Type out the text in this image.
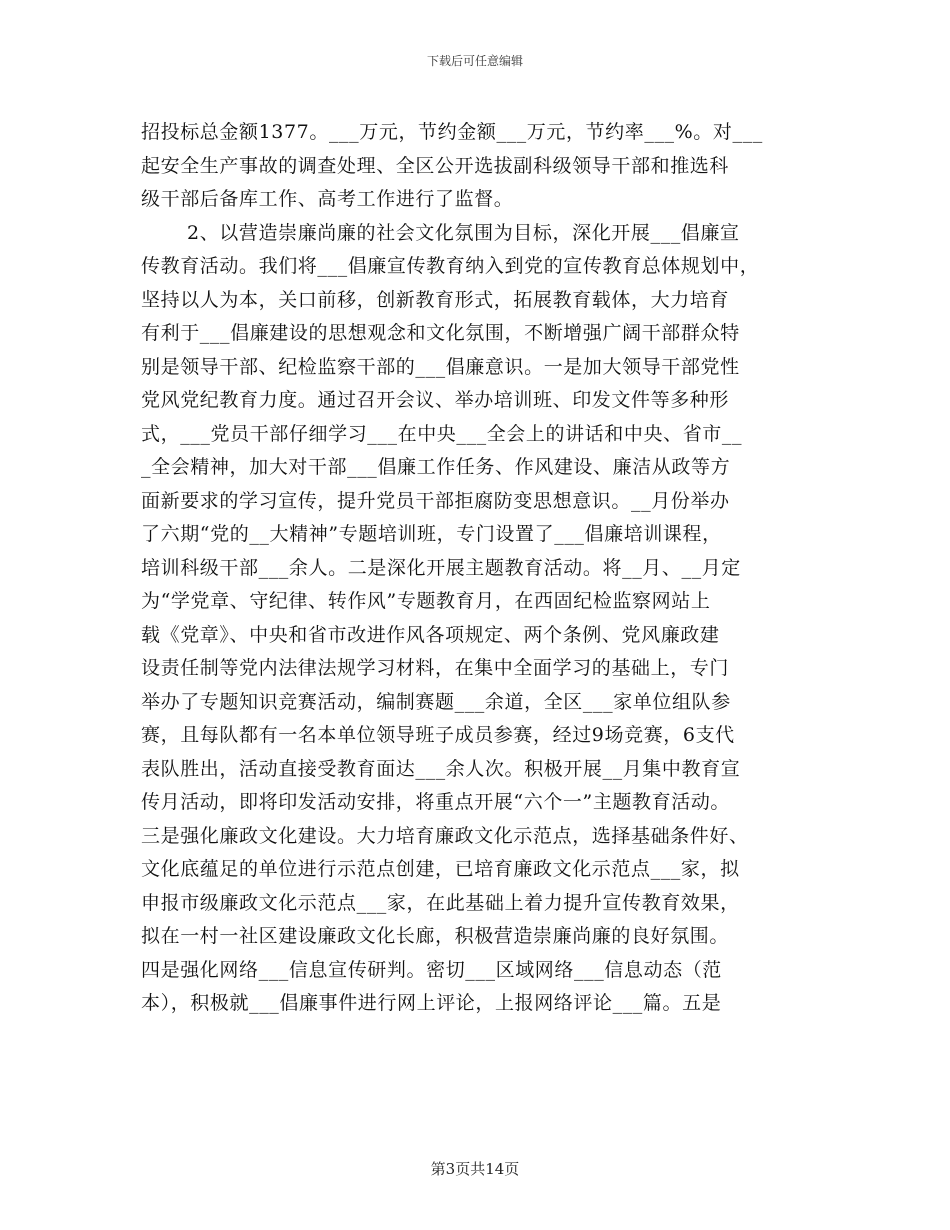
下载后可任意编辑
招投标总金额1377。___万元，节约金额___万元，节约率___%。对___
起安全生产事故的调查处理、全区公开选拔副科级领导干部和推选科
级干部后备库工作、高考工作进行了监督。
2、以营造崇廉尚廉的社会文化氛围为目标，深化开展___倡廉宣
传教育活动。我们将___倡廉宣传教育纳入到党的宣传教育总体规划中，
坚持以人为本，关口前移，创新教育形式，拓展教育载体，大力培育
有利于___倡廉建设的思想观念和文化氛围，不断增强广阔干部群众特
别是领导干部、纪检监察干部的___倡廉意识。一是加大领导干部党性
党风党纪教育力度。通过召开会议、举办培训班、印发文件等多种形
式，___党员干部仔细学习___在中央___全会上的讲话和中央、省市__
_全会精神，加大对干部___倡廉工作任务、作风建设、廉洁从政等方
面新要求的学习宣传，提升党员干部拒腐防变思想意识。__月份举办
了六期“党的__大精神”专题培训班，专门设置了___倡廉培训课程，
培训科级干部___余人。二是深化开展主题教育活动。将__月、__月定
为“学党章、守纪律、转作风”专题教育月，在西固纪检监察网站上
载《党章》、中央和省市改进作风各项规定、两个条例、党风廉政建
设责任制等党内法律法规学习材料，在集中全面学习的基础上，专门
举办了专题知识竞赛活动，编制赛题___余道，全区___家单位组队参
赛，且每队都有一名本单位领导班子成员参赛，经过9场竞赛，6支代
表队胜出，活动直接受教育面达___余人次。积极开展__月集中教育宣
传月活动，即将印发活动安排，将重点开展“六个一”主题教育活动。
三是强化廉政文化建设。大力培育廉政文化示范点，选择基础条件好、
文化底蕴足的单位进行示范点创建，已培育廉政文化示范点___家，拟
申报市级廉政文化示范点___家，在此基础上着力提升宣传教育效果，
拟在一村一社区建设廉政文化长廊，积极营造崇廉尚廉的良好氛围。
四是强化网络___信息宣传研判。密切___区域网络___信息动态（范
本），积极就___倡廉事件进行网上评论，上报网络评论___篇。五是
第3页共14页
